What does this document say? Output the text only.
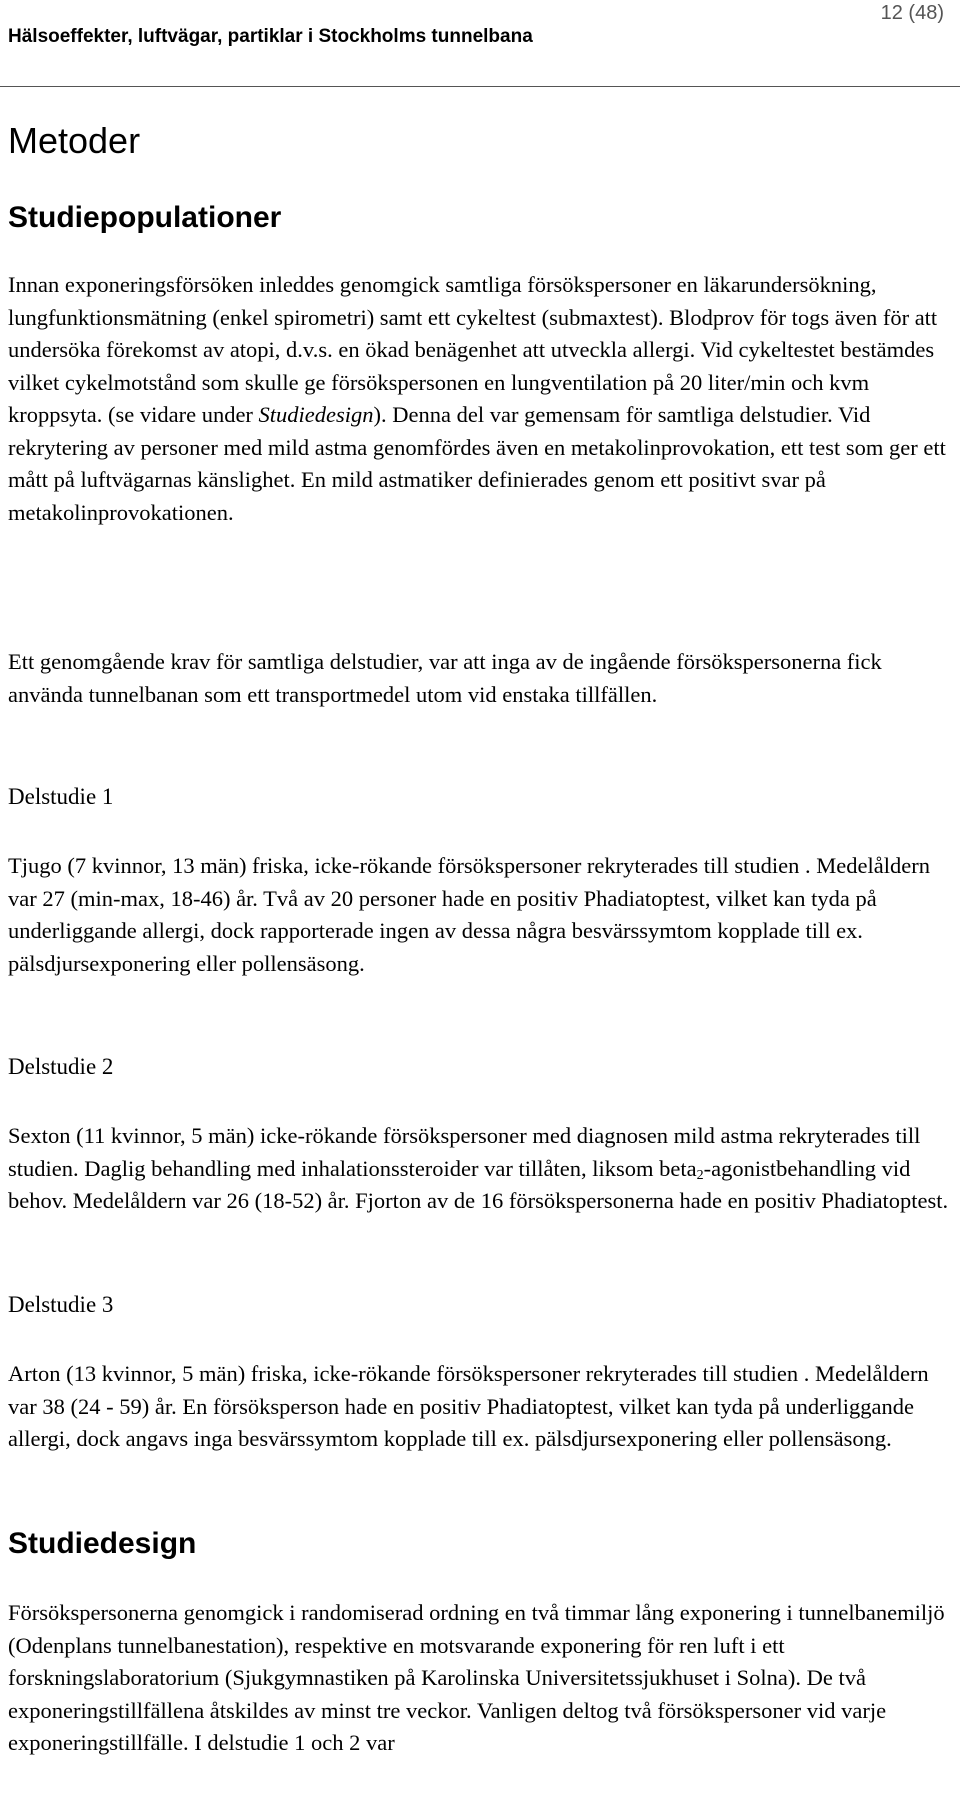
12 (48)
Hälsoeffekter, luftvägar, partiklar i Stockholms tunnelbana
Metoder
Studiepopulationer

Innan exponeringsförsöken inleddes genomgick samtliga försökspersoner en läkarundersökning, lungfunktionsmätning (enkel spirometri) samt ett cykeltest (submaxtest). Blodprov för togs även för att undersöka förekomst av atopi, d.v.s. en ökad benägenhet att utveckla allergi. Vid cykeltestet bestämdes vilket cykelmotstånd som skulle ge försökspersonen en lungventilation på 20 liter/min och kvm kroppsyta. (se vidare under Studiedesign). Denna del var gemensam för samtliga delstudier. Vid rekrytering av personer med mild astma genomfördes även en metakolinprovokation, ett test som ger ett mått på luftvägarnas känslighet. En mild astmatiker definierades genom ett positivt svar på metakolinprovokationen.

Ett genomgående krav för samtliga delstudier, var att inga av de ingående försökspersonerna fick använda tunnelbanan som ett transportmedel utom vid enstaka tillfällen.

Delstudie 1

Tjugo (7 kvinnor, 13 män) friska, icke-rökande försökspersoner rekryterades till studien . Medelåldern var 27 (min-max, 18-46) år. Två av 20 personer hade en positiv Phadiatoptest, vilket kan tyda på underliggande allergi, dock rapporterade ingen av dessa några besvärssymtom kopplade till ex. pälsdjursexponering eller pollensäsong.

Delstudie 2

Sexton (11 kvinnor, 5 män) icke-rökande försökspersoner med diagnosen mild astma rekryterades till studien. Daglig behandling med inhalationssteroider var tillåten, liksom beta$_2$-agonistbehandling vid behov. Medelåldern var 26 (18-52) år. Fjorton av de 16 försökspersonerna hade en positiv Phadiatoptest.

Delstudie 3

Arton (13 kvinnor, 5 män) friska, icke-rökande försökspersoner rekryterades till studien . Medelåldern var 38 (24 - 59) år. En försöksperson hade en positiv Phadiatoptest, vilket kan tyda på underliggande allergi, dock angavs inga besvärssymtom kopplade till ex. pälsdjursexponering eller pollensäsong.

Studiedesign

Försökspersonerna genomgick i randomiserad ordning en två timmar lång exponering i tunnelbanemiljö (Odenplans tunnelbanestation), respektive en motsvarande exponering för ren luft i ett forskningslaboratorium (Sjukgymnastiken på Karolinska Universitetssjukhuset i Solna). De två exponeringstillfällena åtskildes av minst tre veckor. Vanligen deltog två försökspersoner vid varje exponeringstillfälle. I delstudie 1 och 2 var
